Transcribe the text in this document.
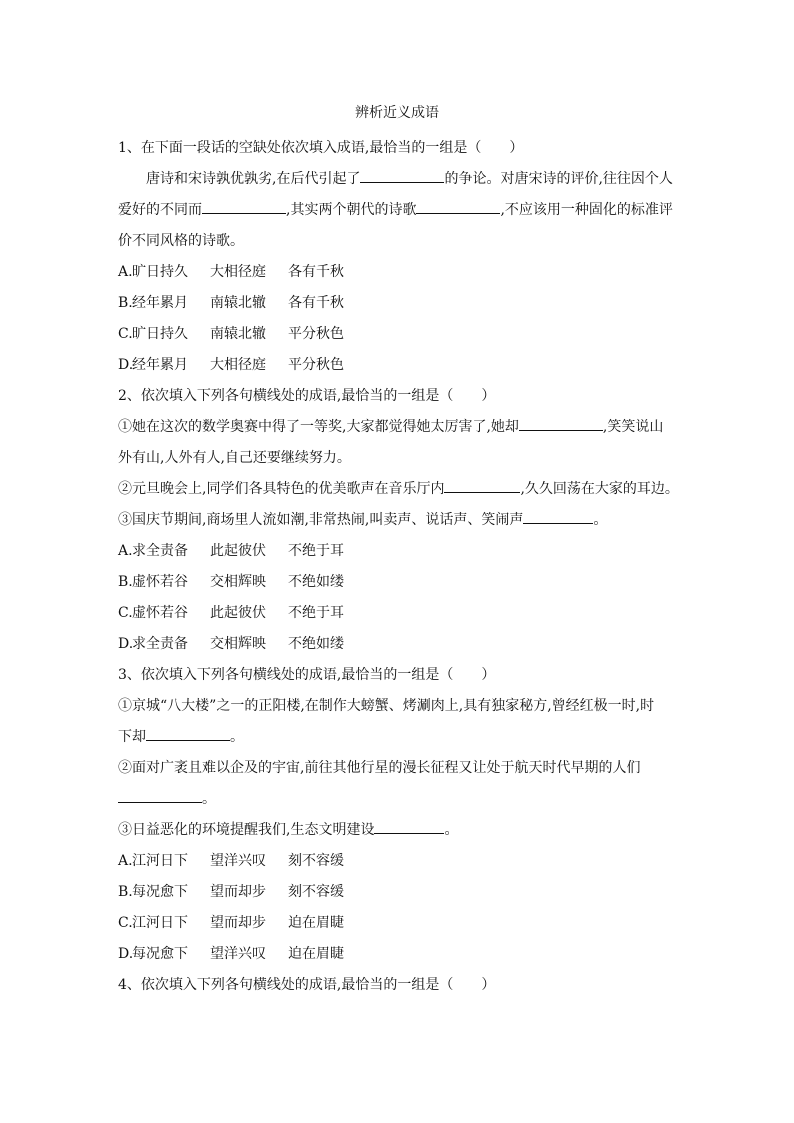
辨析近义成语
1、在下面一段话的空缺处依次填入成语,最恰当的一组是（　　）
唐诗和宋诗孰优孰劣,在后代引起了	的争论。对唐宋诗的评价,往往因个人
爱好的不同而	,其实两个朝代的诗歌	,不应该用一种固化的标准评
价不同风格的诗歌。
A.旷日持久 大相径庭 各有千秋
B.经年累月 南辕北辙 各有千秋
C.旷日持久 南辕北辙 平分秋色
D.经年累月 大相径庭 平分秋色
2、依次填入下列各句横线处的成语,最恰当的一组是（　　）
①她在这次的数学奥赛中得了一等奖,大家都觉得她太厉害了,她却	,笑笑说山
外有山,人外有人,自己还要继续努力。
②元旦晚会上,同学们各具特色的优美歌声在音乐厅内	,久久回荡在大家的耳边。
③国庆节期间,商场里人流如潮,非常热闹,叫卖声、说话声、笑闹声	。
A.求全责备 此起彼伏 不绝于耳
B.虚怀若谷 交相辉映 不绝如缕
C.虚怀若谷 此起彼伏 不绝于耳
D.求全责备 交相辉映 不绝如缕
3、依次填入下列各句横线处的成语,最恰当的一组是（　　）
①京城“八大楼”之一的正阳楼,在制作大螃蟹、烤涮肉上,具有独家秘方,曾经红极一时,时
下却	。
②面对广袤且难以企及的宇宙,前往其他行星的漫长征程又让处于航天时代早期的人们
。
③日益恶化的环境提醒我们,生态文明建设	。
A.江河日下 望洋兴叹 刻不容缓
B.每况愈下 望而却步 刻不容缓
C.江河日下 望而却步 迫在眉睫
D.每况愈下 望洋兴叹 迫在眉睫
4、依次填入下列各句横线处的成语,最恰当的一组是（　　）
